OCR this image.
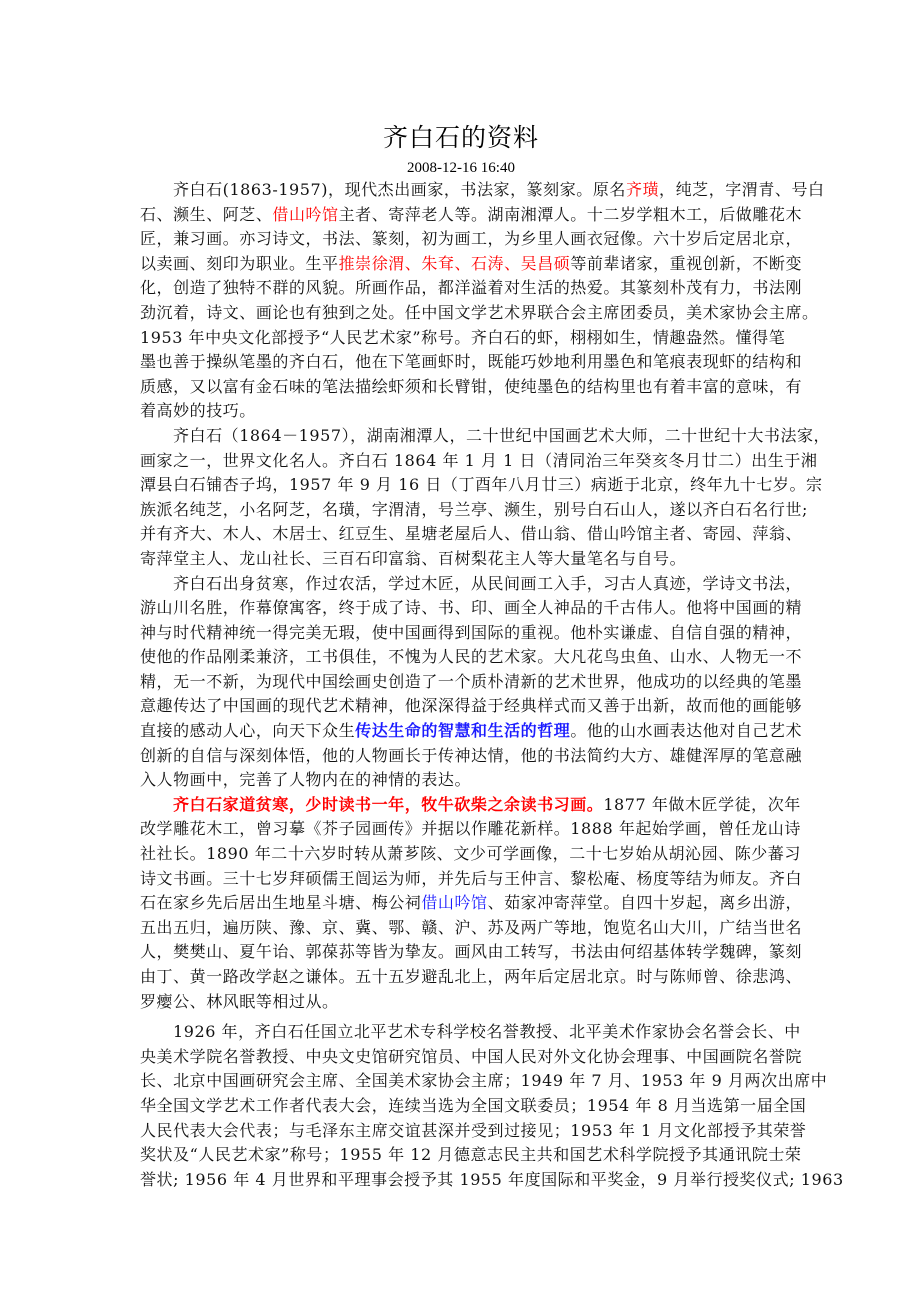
齐白石的资料
2008-12-16 16:40
齐白石(1863-1957)，现代杰出画家，书法家，篆刻家。原名齐璜，纯芝，字渭青、号白
石、濒生、阿芝、借山吟馆主者、寄萍老人等。湖南湘潭人。十二岁学粗木工，后做雕花木
匠，兼习画。亦习诗文，书法、篆刻，初为画工，为乡里人画衣冠像。六十岁后定居北京，
以卖画、刻印为职业。生平推崇徐渭、朱耷、石涛、吴昌硕等前辈诸家，重视创新，不断变
化，创造了独特不群的风貌。所画作品，都洋溢着对生活的热爱。其篆刻朴茂有力，书法刚
劲沉着，诗文、画论也有独到之处。任中国文学艺术界联合会主席团委员，美术家协会主席。
1953 年中央文化部授予“人民艺术家”称号。齐白石的虾，栩栩如生，情趣盎然。懂得笔
墨也善于操纵笔墨的齐白石，他在下笔画虾时，既能巧妙地利用墨色和笔痕表现虾的结构和
质感，又以富有金石味的笔法描绘虾须和长臂钳，使纯墨色的结构里也有着丰富的意味，有
着高妙的技巧。
齐白石（1864－1957），湖南湘潭人，二十世纪中国画艺术大师，二十世纪十大书法家，
画家之一，世界文化名人。齐白石 1864 年 1 月 1 日（清同治三年癸亥冬月廿二）出生于湘
潭县白石铺杏子坞，1957 年 9 月 16 日（丁酉年八月廿三）病逝于北京，终年九十七岁。宗
族派名纯芝，小名阿芝，名璜，字渭清，号兰亭、濒生，别号白石山人，遂以齐白石名行世;
并有齐大、木人、木居士、红豆生、星塘老屋后人、借山翁、借山吟馆主者、寄园、萍翁、
寄萍堂主人、龙山社长、三百石印富翁、百树梨花主人等大量笔名与自号。
齐白石出身贫寒，作过农活，学过木匠，从民间画工入手，习古人真迹，学诗文书法，
游山川名胜，作幕僚寓客，终于成了诗、书、印、画全人神品的千古伟人。他将中国画的精
神与时代精神统一得完美无瑕，使中国画得到国际的重视。他朴实谦虚、自信自强的精神，
使他的作品刚柔兼济，工书俱佳，不愧为人民的艺术家。大凡花鸟虫鱼、山水、人物无一不
精，无一不新，为现代中国绘画史创造了一个质朴清新的艺术世界，他成功的以经典的笔墨
意趣传达了中国画的现代艺术精神，他深深得益于经典样式而又善于出新，故而他的画能够
直接的感动人心，向天下众生传达生命的智慧和生活的哲理。他的山水画表达他对自己艺术
创新的自信与深刻体悟，他的人物画长于传神达情，他的书法简约大方、雄健浑厚的笔意融
入人物画中，完善了人物内在的神情的表达。
齐白石家道贫寒，少时读书一年，牧牛砍柴之余读书习画。1877 年做木匠学徒，次年
改学雕花木工，曾习摹《芥子园画传》并据以作雕花新样。1888 年起始学画，曾任龙山诗
社社长。1890 年二十六岁时转从萧芗陔、文少可学画像，二十七岁始从胡沁园、陈少蕃习
诗文书画。三十七岁拜硕儒王闿运为师，并先后与王仲言、黎松庵、杨度等结为师友。齐白
石在家乡先后居出生地星斗塘、梅公祠借山吟馆、茹家冲寄萍堂。自四十岁起，离乡出游，
五出五归，遍历陕、豫、京、冀、鄂、赣、沪、苏及两广等地，饱览名山大川，广结当世名
人，樊樊山、夏午诒、郭葆荪等皆为挚友。画风由工转写，书法由何绍基体转学魏碑，篆刻
由丁、黄一路改学赵之谦体。五十五岁避乱北上，两年后定居北京。时与陈师曾、徐悲鸿、
罗瘿公、林风眠等相过从。
1926 年，齐白石任国立北平艺术专科学校名誉教授、北平美术作家协会名誉会长、中
央美术学院名誉教授、中央文史馆研究馆员、中国人民对外文化协会理事、中国画院名誉院
长、北京中国画研究会主席、全国美术家协会主席；1949 年 7 月、1953 年 9 月两次出席中
华全国文学艺术工作者代表大会，连续当选为全国文联委员；1954 年 8 月当选第一届全国
人民代表大会代表；与毛泽东主席交谊甚深并受到过接见；1953 年 1 月文化部授予其荣誉
奖状及“人民艺术家”称号；1955 年 12 月德意志民主共和国艺术科学院授予其通讯院士荣
誉状; 1956 年 4 月世界和平理事会授予其 1955 年度国际和平奖金，9 月举行授奖仪式; 1963
